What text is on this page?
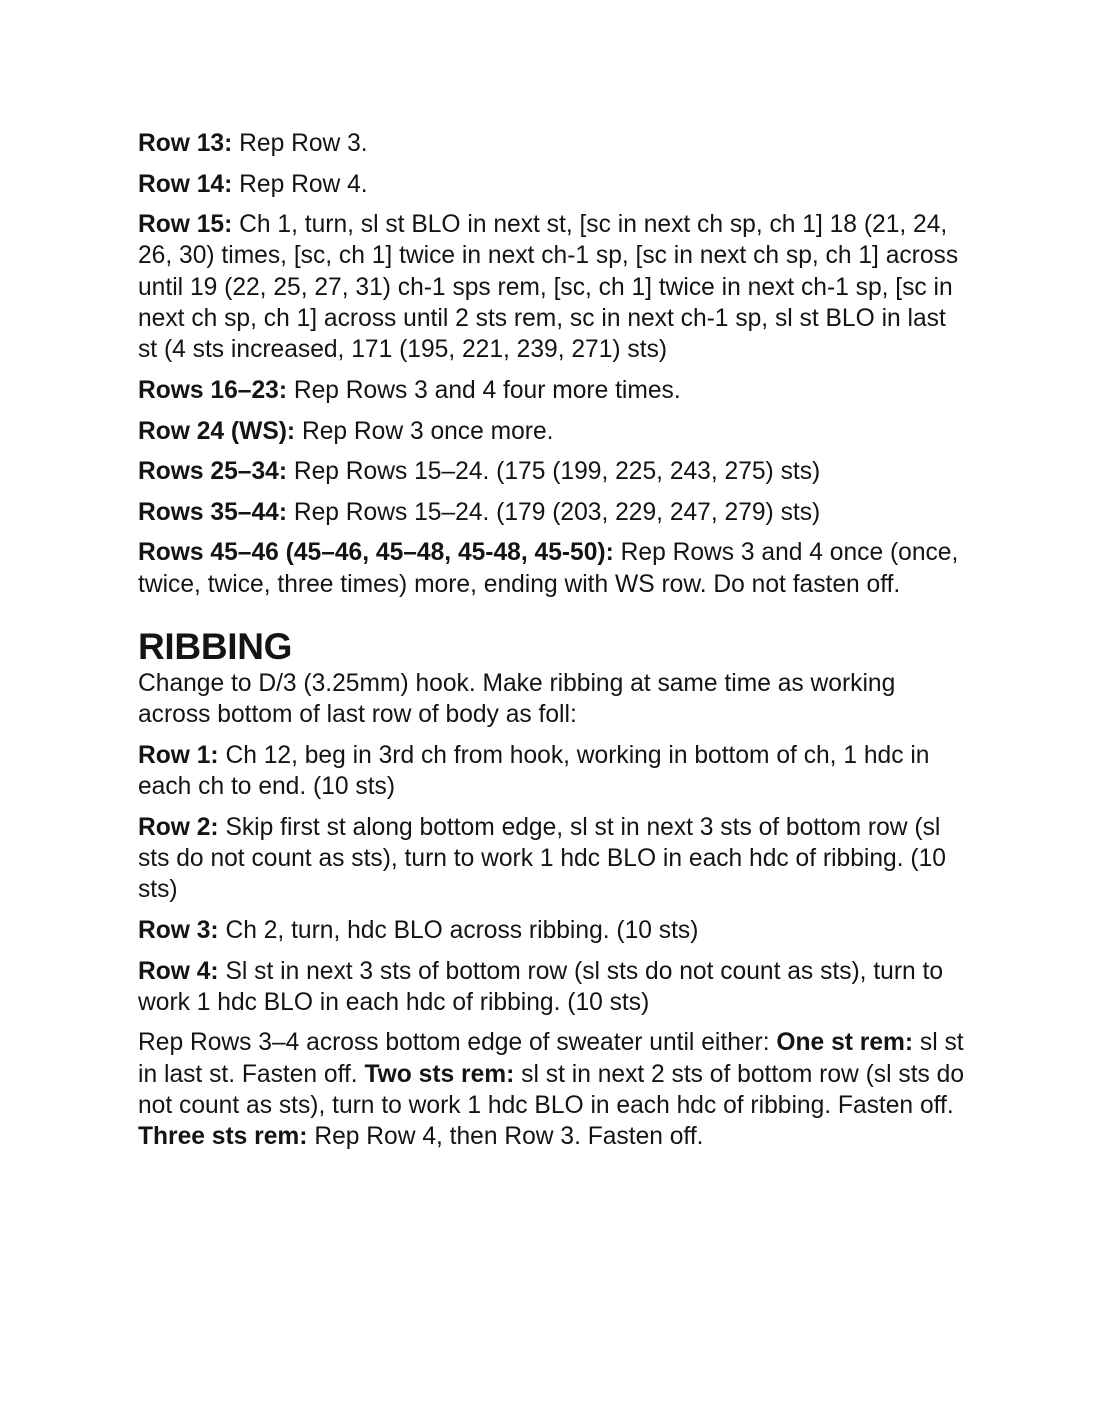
Row 13: Rep Row 3.

Row 14: Rep Row 4.

Row 15: Ch 1, turn, sl st BLO in next st, [sc in next ch sp, ch 1] 18 (21, 24, 26, 30) times, [sc, ch 1] twice in next ch-1 sp, [sc in next ch sp, ch 1] across until 19 (22, 25, 27, 31) ch-1 sps rem, [sc, ch 1] twice in next ch-1 sp, [sc in next ch sp, ch 1] across until 2 sts rem, sc in next ch-1 sp, sl st BLO in last st (4 sts increased, 171 (195, 221, 239, 271) sts)

Rows 16–23: Rep Rows 3 and 4 four more times.

Row 24 (WS): Rep Row 3 once more.

Rows 25–34: Rep Rows 15–24. (175 (199, 225, 243, 275) sts)

Rows 35–44: Rep Rows 15–24. (179 (203, 229, 247, 279) sts)

Rows 45–46 (45–46, 45–48, 45-48, 45-50): Rep Rows 3 and 4 once (once, twice, twice, three times) more, ending with WS row. Do not fasten off.

RIBBING

Change to D/3 (3.25mm) hook. Make ribbing at same time as working across bottom of last row of body as foll:

Row 1: Ch 12, beg in 3rd ch from hook, working in bottom of ch, 1 hdc in each ch to end. (10 sts)

Row 2: Skip first st along bottom edge, sl st in next 3 sts of bottom row (sl sts do not count as sts), turn to work 1 hdc BLO in each hdc of ribbing. (10 sts)

Row 3: Ch 2, turn, hdc BLO across ribbing. (10 sts)

Row 4: Sl st in next 3 sts of bottom row (sl sts do not count as sts), turn to work 1 hdc BLO in each hdc of ribbing. (10 sts)

Rep Rows 3–4 across bottom edge of sweater until either: One st rem: sl st in last st. Fasten off. Two sts rem: sl st in next 2 sts of bottom row (sl sts do not count as sts), turn to work 1 hdc BLO in each hdc of ribbing. Fasten off. Three sts rem: Rep Row 4, then Row 3. Fasten off.
